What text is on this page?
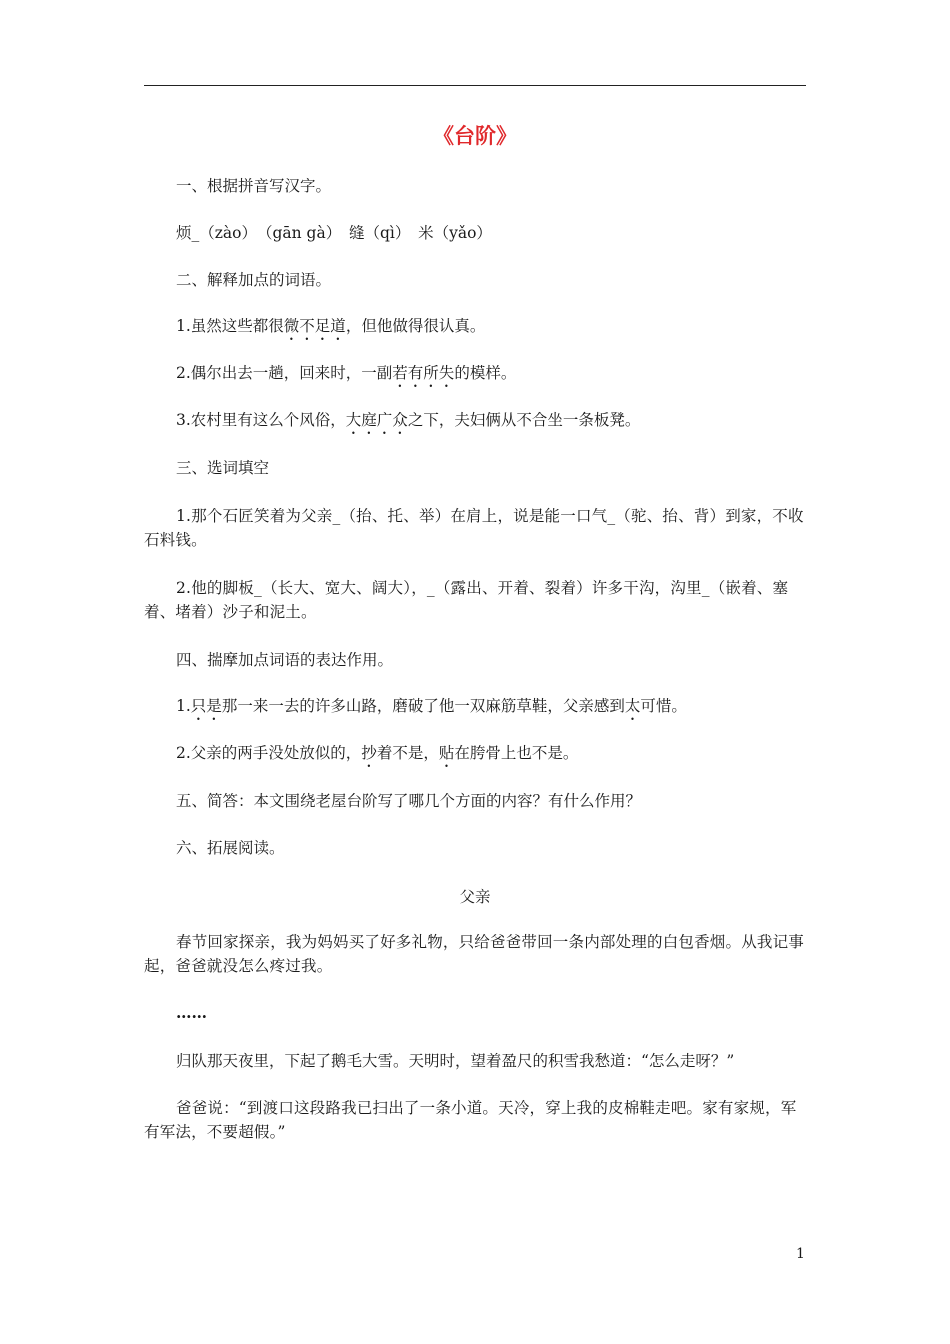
《台阶》
一、根据拼音写汉字。
烦_（zào）　（gān gà）　缝（qì）　米（yǎo）
二、解释加点的词语。
1.虽然这些都很微不足道，但他做得很认真。
2.偶尔出去一趟，回来时，一副若有所失的模样。
3.农村里有这么个风俗，大庭广众之下，夫妇俩从不合坐一条板凳。
三、选词填空
1.那个石匠笑着为父亲_（抬、托、举）在肩上，说是能一口气_（驼、抬、背）到家，不收石料钱。
2.他的脚板_（长大、宽大、阔大），_（露出、开着、裂着）许多干沟，沟里_（嵌着、塞着、堵着）沙子和泥土。
四、揣摩加点词语的表达作用。
1.只是那一来一去的许多山路，磨破了他一双麻筋草鞋，父亲感到太可惜。
2.父亲的两手没处放似的，抄着不是，贴在胯骨上也不是。
五、简答：本文围绕老屋台阶写了哪几个方面的内容？有什么作用？
六、拓展阅读。
父亲
春节回家探亲，我为妈妈买了好多礼物，只给爸爸带回一条内部处理的白包香烟。从我记事起，爸爸就没怎么疼过我。
……
归队那天夜里，下起了鹅毛大雪。天明时，望着盈尺的积雪我愁道：“怎么走呀？”
爸爸说：“到渡口这段路我已扫出了一条小道。天冷，穿上我的皮棉鞋走吧。家有家规，军有军法，不要超假。”
1
